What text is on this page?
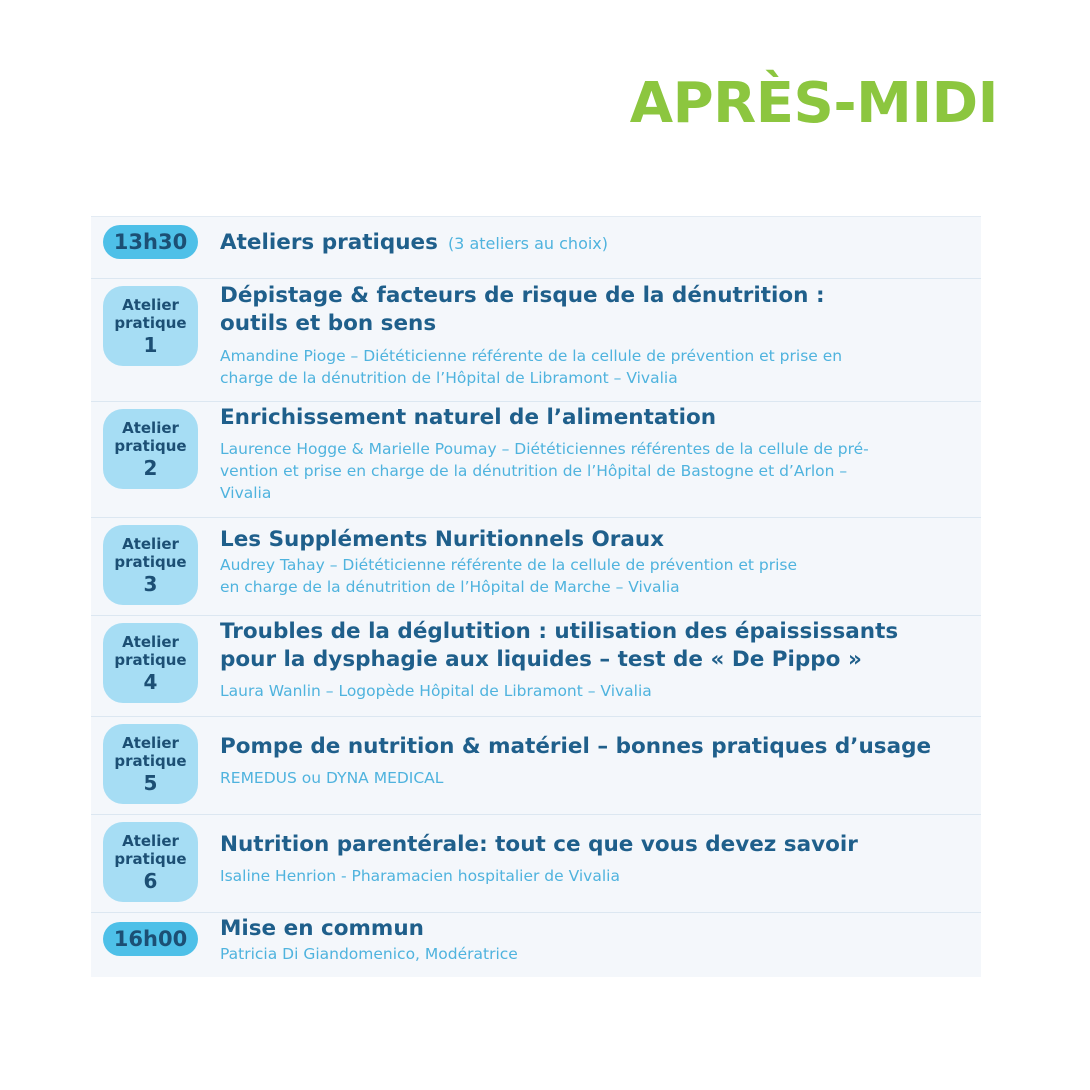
APRÈS-MIDI
13h30	Ateliers pratiques (3 ateliers au choix)
Atelier
pratique
1
Dépistage & facteurs de risque de la dénutrition :
outils et bon sens
Amandine Pioge – Diététicienne référente de la cellule de prévention et prise en
charge de la dénutrition de l’Hôpital de Libramont – Vivalia
Atelier
pratique
2
Enrichissement naturel de l’alimentation
Laurence Hogge & Marielle Poumay – Diététiciennes référentes de la cellule de pré-
vention et prise en charge de la dénutrition de l’Hôpital de Bastogne et d’Arlon –
Vivalia
Atelier
pratique
3
Les Suppléments Nuritionnels Oraux
Audrey Tahay – Diététicienne référente de la cellule de prévention et prise
en charge de la dénutrition de l’Hôpital de Marche – Vivalia
Atelier
pratique
4
Troubles de la déglutition : utilisation des épaississants
pour la dysphagie aux liquides – test de « De Pippo »
Laura Wanlin – Logopède Hôpital de Libramont – Vivalia
Atelier
pratique
5
Pompe de nutrition & matériel – bonnes pratiques d’usage
REMEDUS ou DYNA MEDICAL
Atelier
pratique
6
Nutrition parentérale: tout ce que vous devez savoir
Isaline Henrion - Pharamacien hospitalier de Vivalia
16h00	Mise en commun
Patricia Di Giandomenico, Modératrice
